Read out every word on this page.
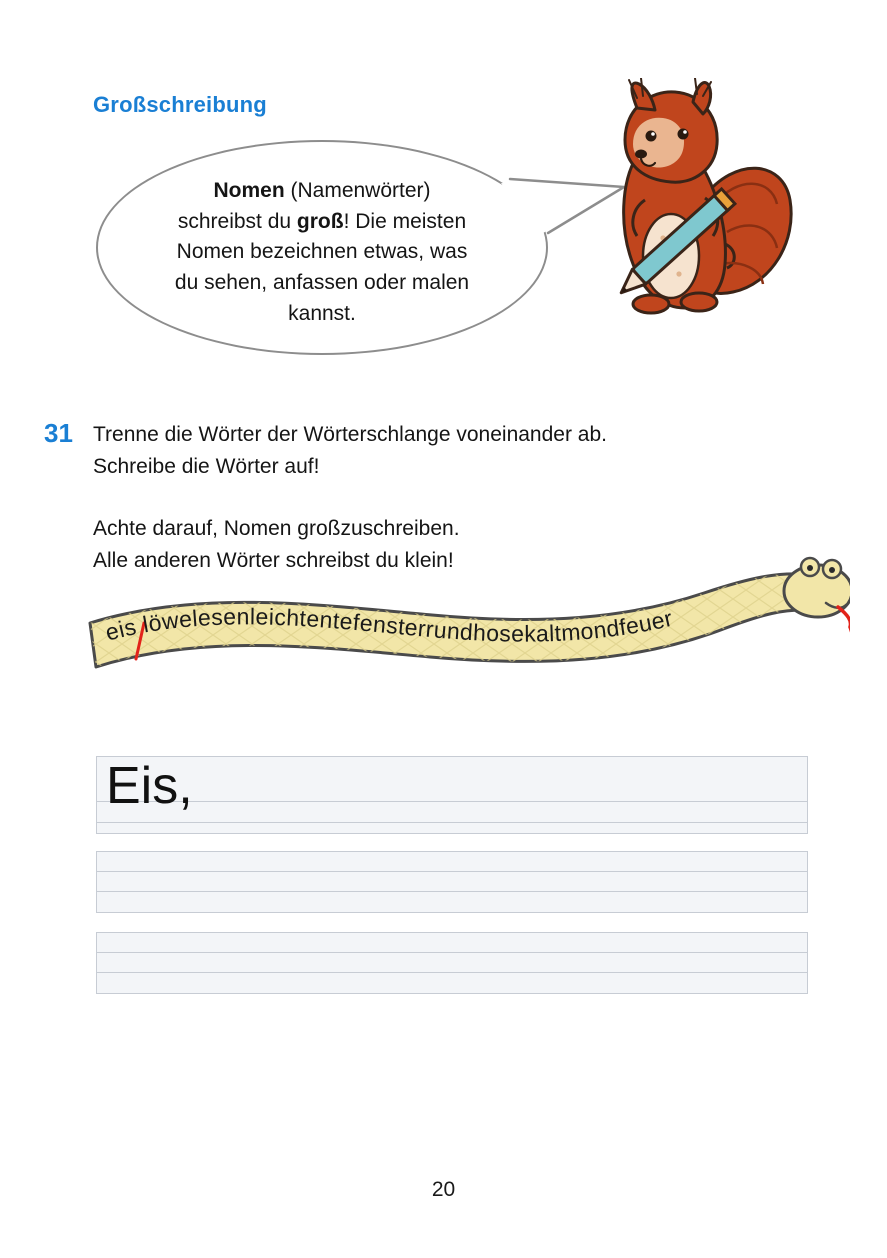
Großschreibung
Nomen (Namenwörter)
schreibst du groß! Die meisten
Nomen bezeichnen etwas, was
du sehen, anfassen oder malen
kannst.
31 Trenne die Wörter der Wörterschlange voneinander ab.
Schreibe die Wörter auf!
Achte darauf, Nomen großzuschreiben.
Alle anderen Wörter schreibst du klein!
eis löwelesenleichtentefensterrundhosekaltmondfeuer
Eis,
20
